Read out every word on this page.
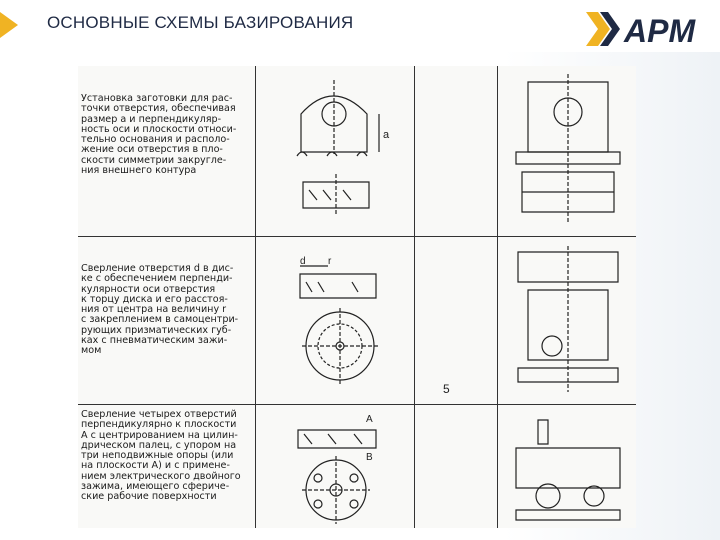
ОСНОВНЫЕ СХЕМЫ БАЗИРОВАНИЯ	АРМ
Установка заготовки для рас-
точки отверстия, обеспечивая
размер a и перпендикуляр-
ность оси и плоскости относи-
тельно основания и располо-
жение оси отверстия в пло-
скости симметрии закругле-
ния внешнего контура
Сверление отверстия d в дис-
ке с обеспечением перпенди-
кулярности оси отверстия
к торцу диска и его расстоя-
ния от центра на величину r
с закреплением в самоцентри-
рующих призматических губ-
ках с пневматическим зажи-
мом
Сверление четырех отверстий
перпендикулярно к плоскости
A с центрированием на цилин-
дрическом палец, с упором на
три неподвижные опоры (или
на плоскости A) и с примене-
нием электрического двойного
зажима, имеющего сфериче-
ские рабочие поверхности
5
a
d r
A
B
